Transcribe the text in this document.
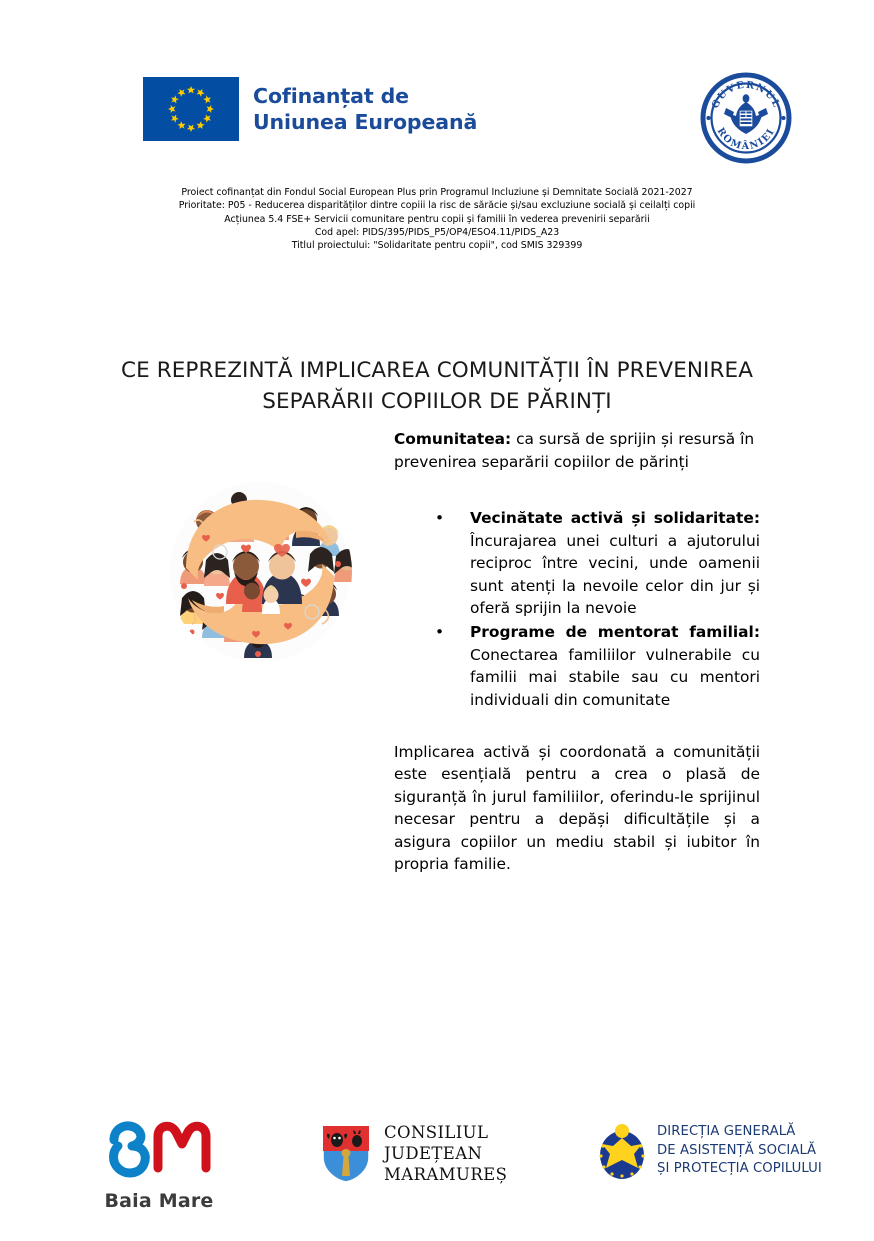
Cofinanțat de
Uniunea Europeană
GUVERNUL
ROMÂNIEI
Proiect cofinanțat din Fondul Social European Plus prin Programul Incluziune și Demnitate Socială 2021-2027
Prioritate: P05 - Reducerea disparităților dintre copiii la risc de sărăcie și/sau excluziune socială și ceilalți copii
Acțiunea 5.4 FSE+ Servicii comunitare pentru copii și familii în vederea prevenirii separării
Cod apel: PIDS/395/PIDS_P5/OP4/ESO4.11/PIDS_A23
Titlul proiectului: "Solidaritate pentru copii", cod SMIS 329399
CE REPREZINTĂ IMPLICAREA COMUNITĂȚII ÎN PREVENIREA
SEPARĂRII COPIILOR DE PĂRINȚI

Comunitatea: ca sursă de sprijin și resursă în prevenirea separării copiilor de părinți

• Vecinătate activă și solidaritate: Încurajarea unei culturi a ajutorului reciproc între vecini, unde oamenii sunt atenți la nevoile celor din jur și oferă sprijin la nevoie
• Programe de mentorat familial: Conectarea familiilor vulnerabile cu familii mai stabile sau cu mentori individuali din comunitate

Implicarea activă și coordonată a comunității este esențială pentru a crea o plasă de siguranță în jurul familiilor, oferindu-le sprijinul necesar pentru a depăși dificultățile și a asigura copiilor un mediu stabil și iubitor în propria familie.

Baia Mare
CONSILIUL
JUDEȚEAN
MARAMUREȘ
DIRECȚIA GENERALĂ
DE ASISTENȚĂ SOCIALĂ
ȘI PROTECȚIA COPILULUI
